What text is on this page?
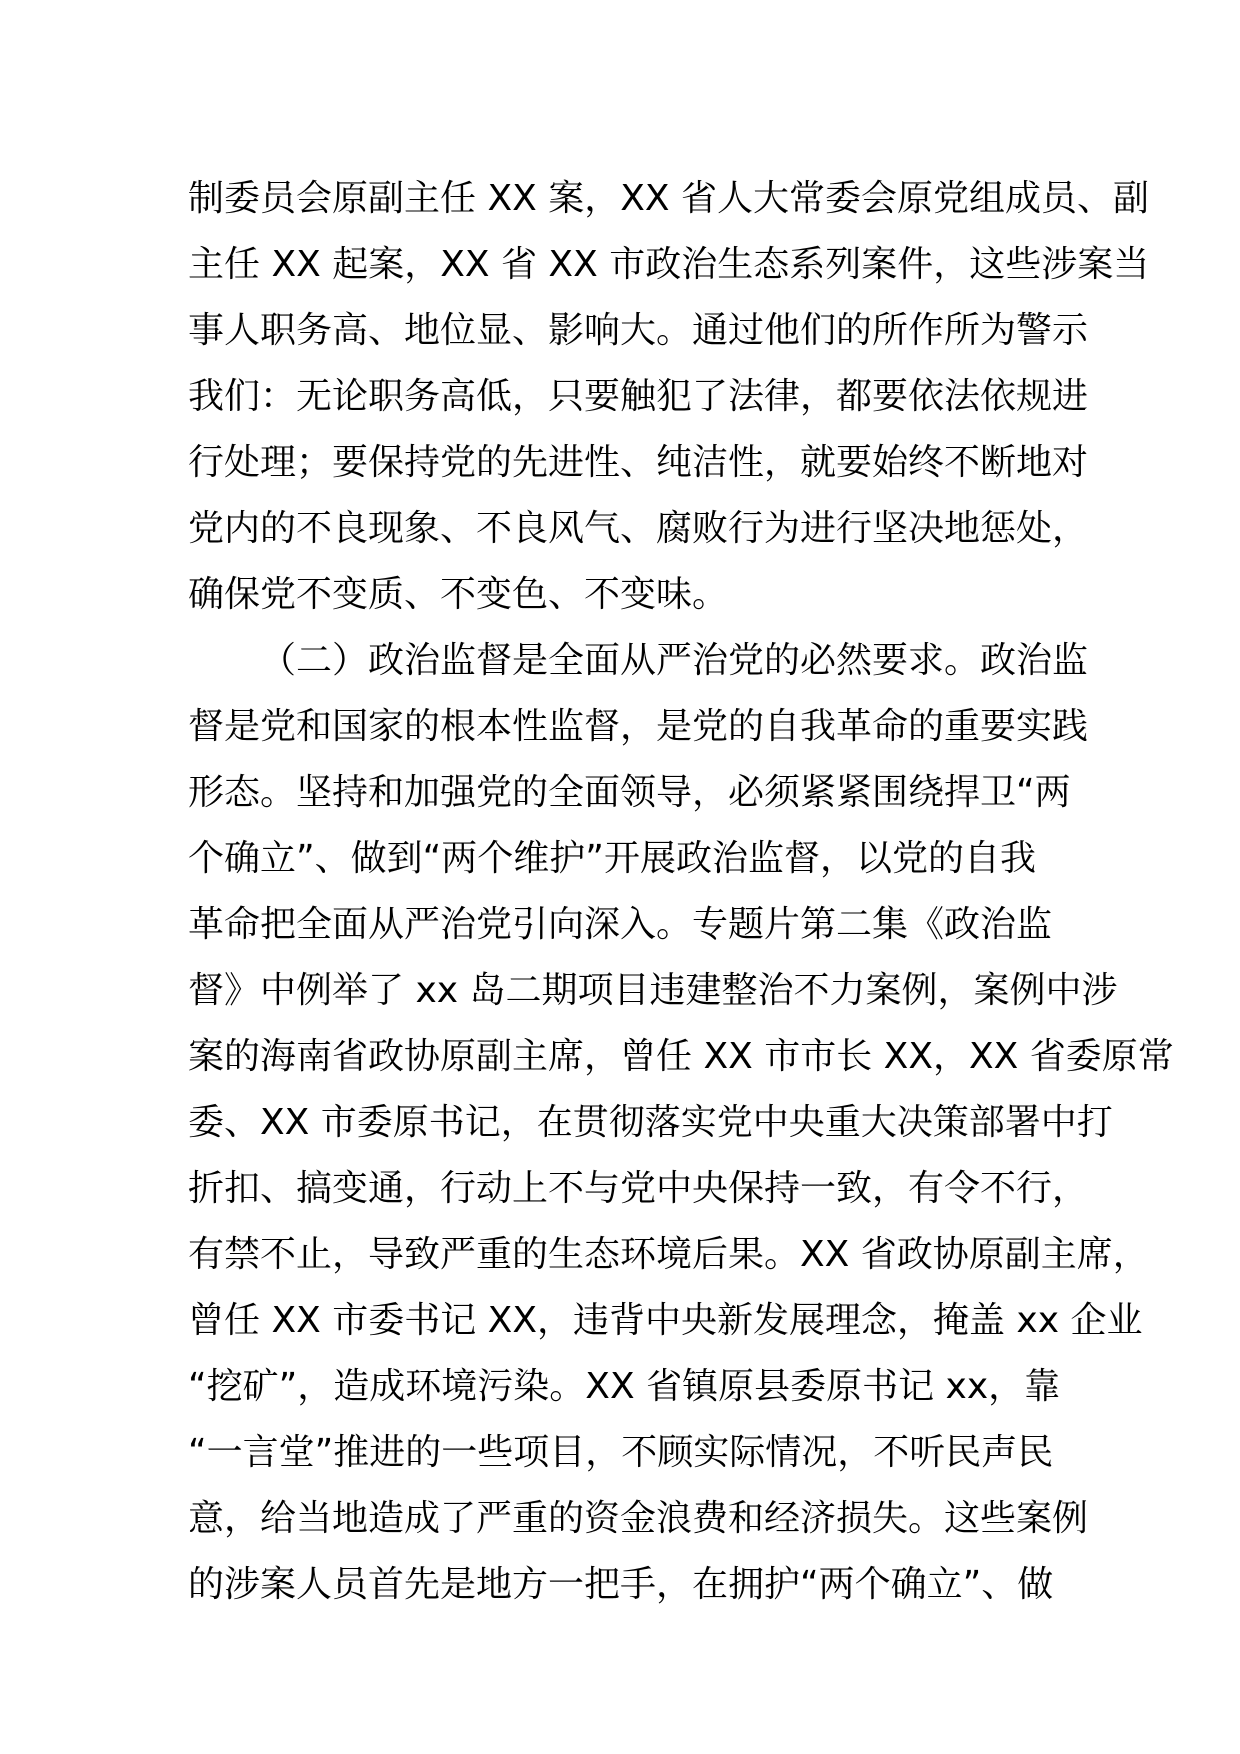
制委员会原副主任 XX 案，XX 省人大常委会原党组成员、副
主任 XX 起案，XX 省 XX 市政治生态系列案件，这些涉案当
事人职务高、地位显、影响大。通过他们的所作所为警示
我们：无论职务高低，只要触犯了法律，都要依法依规进
行处理；要保持党的先进性、纯洁性，就要始终不断地对
党内的不良现象、不良风气、腐败行为进行坚决地惩处，
确保党不变质、不变色、不变味。
（二）政治监督是全面从严治党的必然要求。政治监
督是党和国家的根本性监督，是党的自我革命的重要实践
形态。坚持和加强党的全面领导，必须紧紧围绕捍卫“两
个确立”、做到“两个维护”开展政治监督，以党的自我
革命把全面从严治党引向深入。专题片第二集《政治监
督》中例举了 xx 岛二期项目违建整治不力案例，案例中涉
案的海南省政协原副主席，曾任 XX 市市长 XX，XX 省委原常
委、XX 市委原书记，在贯彻落实党中央重大决策部署中打
折扣、搞变通，行动上不与党中央保持一致，有令不行，
有禁不止，导致严重的生态环境后果。XX 省政协原副主席，
曾任 XX 市委书记 XX，违背中央新发展理念，掩盖 xx 企业
“挖矿”，造成环境污染。XX 省镇原县委原书记 xx，靠
“一言堂”推进的一些项目，不顾实际情况，不听民声民
意，给当地造成了严重的资金浪费和经济损失。这些案例
的涉案人员首先是地方一把手，在拥护“两个确立”、做
